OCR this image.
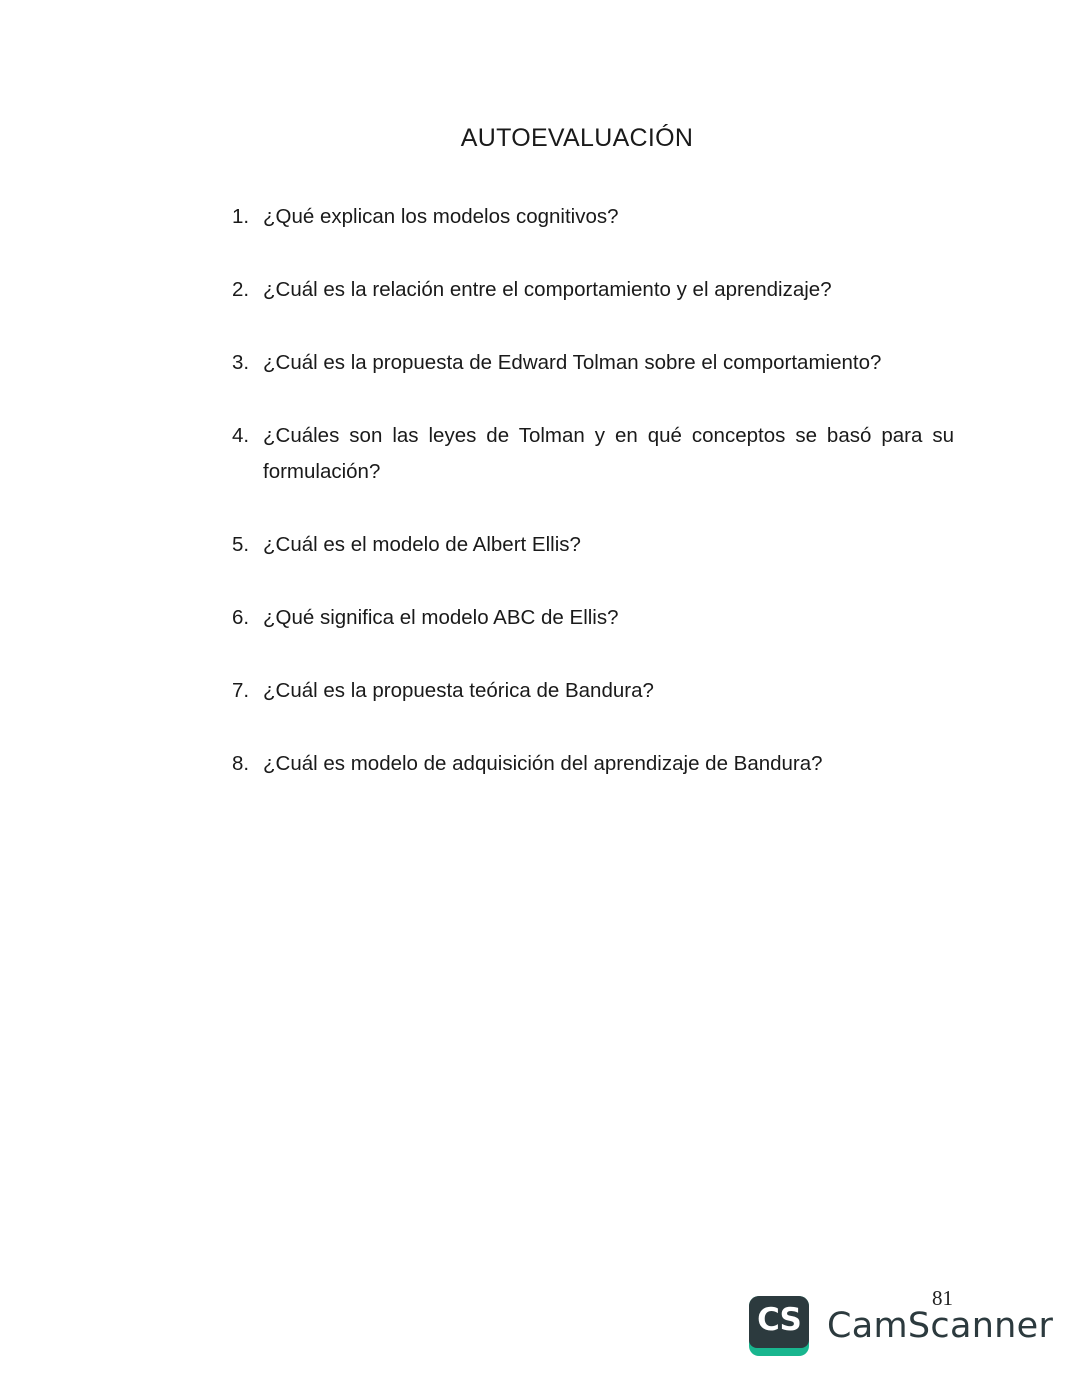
AUTOEVALUACIÓN
1. ¿Qué explican los modelos cognitivos?
2. ¿Cuál es la relación entre el comportamiento y el aprendizaje?
3. ¿Cuál es la propuesta de Edward Tolman sobre el comportamiento?
4. ¿Cuáles son las leyes de Tolman y en qué conceptos se basó para su formulación?
5. ¿Cuál es el modelo de Albert Ellis?
6. ¿Qué significa el modelo ABC de Ellis?
7. ¿Cuál es la propuesta teórica de Bandura?
8. ¿Cuál es modelo de adquisición del aprendizaje de Bandura?
81
CS CamScanner
